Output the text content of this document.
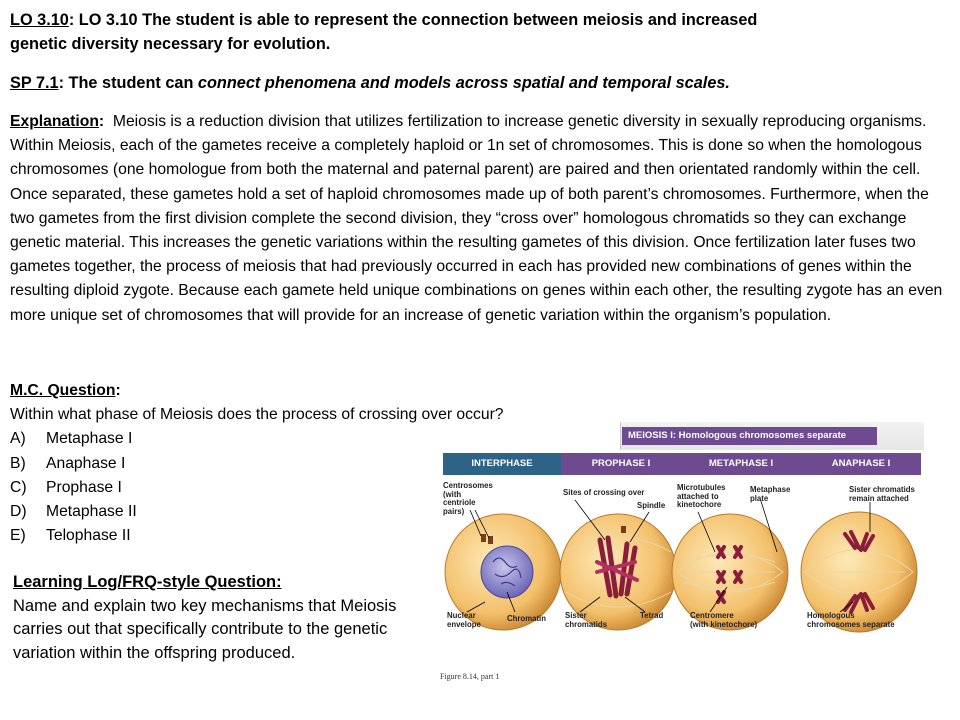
LO 3.10: LO 3.10 The student is able to represent the connection between meiosis and increased genetic diversity necessary for evolution.
SP 7.1: The student can connect phenomena and models across spatial and temporal scales.
Explanation: Meiosis is a reduction division that utilizes fertilization to increase genetic diversity in sexually reproducing organisms. Within Meiosis, each of the gametes receive a completely haploid or 1n set of chromosomes. This is done so when the homologous chromosomes (one homologue from both the maternal and paternal parent) are paired and then orientated randomly within the cell. Once separated, these gametes hold a set of haploid chromosomes made up of both parent’s chromosomes. Furthermore, when the two gametes from the first division complete the second division, they “cross over” homologous chromatids so they can exchange genetic material. This increases the genetic variations within the resulting gametes of this division. Once fertilization later fuses two gametes together, the process of meiosis that had previously occurred in each has provided new combinations of genes within the resulting diploid zygote. Because each gamete held unique combinations on genes within each other, the resulting zygote has an even more unique set of chromosomes that will provide for an increase of genetic variation within the organism’s population.
M.C. Question:
Within what phase of Meiosis does the process of crossing over occur?
A)	Metaphase I
B)	Anaphase I
C)	Prophase I
D)	Metaphase II
E)	Telophase II
Learning Log/FRQ-style Question:
Name and explain two key mechanisms that Meiosis carries out that specifically contribute to the genetic variation within the offspring produced.
MEIOSIS I: Homologous chromosomes separate
INTERPHASE	PROPHASE I	METAPHASE I	ANAPHASE I
Centrosomes
(with
centriole
pairs)
Sites of crossing over
Spindle
Microtubules
attached to
kinetochore
Metaphase
plate
Sister chromatids
remain attached
Nuclear
envelope
Chromatin Sister
chromatids
Tetrad	Centromere
(with kinetochore)
Homologous
chromosomes separate
Figure 8.14, part 1
